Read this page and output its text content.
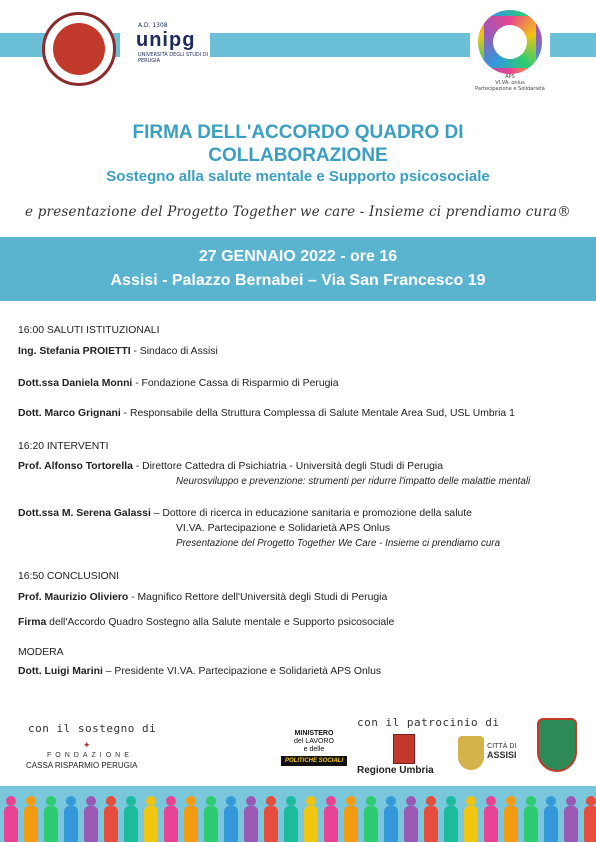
A.D. 1308
unipg
UNIVERSITÀ DEGLI STUDI DI PERUGIA
APS
VI.VA. onlus
Partecipazione e Solidarietà
FIRMA DELL'ACCORDO QUADRO DI COLLABORAZIONE
Sostegno alla salute mentale e Supporto psicosociale
e presentazione del Progetto Together we care - Insieme ci prendiamo cura®
27 GENNAIO 2022 - ore 16
Assisi - Palazzo Bernabei – Via San Francesco 19
16:00 SALUTI ISTITUZIONALI
Ing. Stefania PROIETTI - Sindaco di Assisi
Dott.ssa Daniela Monni - Fondazione Cassa di Risparmio di Perugia
Dott. Marco Grignani - Responsabile della Struttura Complessa di Salute Mentale Area Sud, USL Umbria 1
16:20 INTERVENTI
Prof. Alfonso Tortorella - Direttore Cattedra di Psichiatria - Università degli Studi di Perugia
Neurosviluppo e prevenzione: strumenti per ridurre l'impatto delle malattie mentali
Dott.ssa M. Serena Galassi – Dottore di ricerca in educazione sanitaria e promozione della salute
VI.VA. Partecipazione e Solidarietà APS Onlus
Presentazione del Progetto Together We Care - Insieme ci prendiamo cura
16:50 CONCLUSIONI
Prof. Maurizio Oliviero - Magnifico Rettore dell'Università degli Studi di Perugia
Firma dell'Accordo Quadro Sostegno alla Salute mentale e Supporto psicosociale
MODERA
Dott. Luigi Marini – Presidente VI.VA. Partecipazione e Solidarietà APS Onlus
con il sostegno di	con il patrocinio di
✦
FONDAZIONE
CASSA RISPARMIO PERUGIA
MINISTERO
del LAVORO
e delle
POLITICHE SOCIALI
Regione Umbria
CITTÀ DI
ASSISI
